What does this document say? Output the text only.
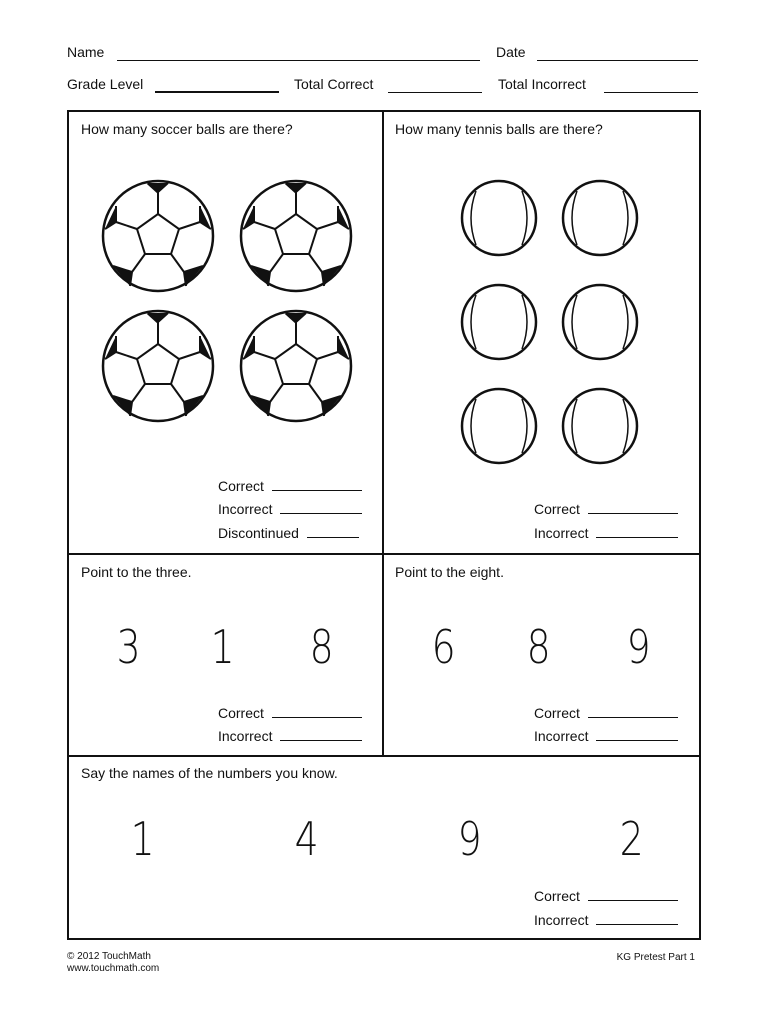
Name	Date
Grade Level	Total Correct	Total Incorrect
How many soccer balls are there?
Correct
Incorrect
Discontinued
How many tennis balls are there?
Correct
Incorrect
Point to the three.
3 1 8
Correct
Incorrect
Point to the eight.
6 8 9
Correct
Incorrect
Say the names of the numbers you know.
1	4	9	2
Correct
Incorrect
© 2012 TouchMath
www.touchmath.com
KG Pretest Part 1
